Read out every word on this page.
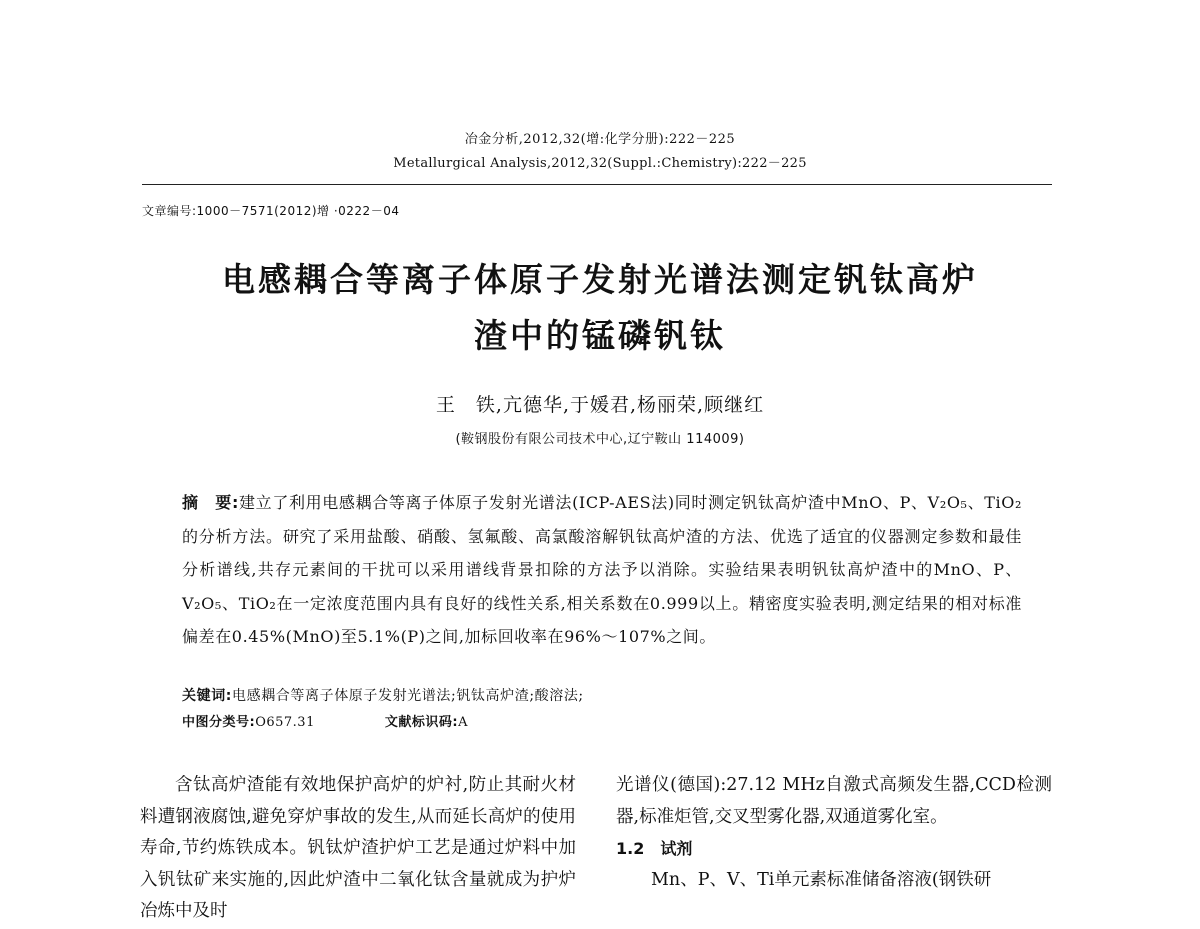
冶金分析,2012,32(增:化学分册):222－225
Metallurgical Analysis,2012,32(Suppl.:Chemistry):222－225
文章编号:1000－7571(2012)增 ·0222－04
电感耦合等离子体原子发射光谱法测定钒钛高炉
渣中的锰磷钒钛
王　铁,亢德华,于媛君,杨丽荣,顾继红
(鞍钢股份有限公司技术中心,辽宁鞍山 114009)
摘　要:建立了利用电感耦合等离子体原子发射光谱法(ICP-AES法)同时测定钒钛高炉渣中MnO、P、V₂O₅、TiO₂的分析方法。研究了采用盐酸、硝酸、氢氟酸、高氯酸溶解钒钛高炉渣的方法、优选了适宜的仪器测定参数和最佳分析谱线,共存元素间的干扰可以采用谱线背景扣除的方法予以消除。实验结果表明钒钛高炉渣中的MnO、P、V₂O₅、TiO₂在一定浓度范围内具有良好的线性关系,相关系数在0.999以上。精密度实验表明,测定结果的相对标准偏差在0.45%(MnO)至5.1%(P)之间,加标回收率在96%～107%之间。
关键词:电感耦合等离子体原子发射光谱法;钒钛高炉渣;酸溶法;
中图分类号:O657.31	文献标识码:A

含钛高炉渣能有效地保护高炉的炉衬,防止其耐火材料遭钢液腐蚀,避免穿炉事故的发生,从而延长高炉的使用寿命,节约炼铁成本。钒钛炉渣护炉工艺是通过炉料中加入钒钛矿来实施的,因此炉渣中二氧化钛含量就成为护炉冶炼中及时

光谱仪(德国):27.12 MHz自激式高频发生器,CCD检测器,标准炬管,交叉型雾化器,双通道雾化室。

1.2　试剂

Mn、P、V、Ti单元素标准储备溶液(钢铁研
